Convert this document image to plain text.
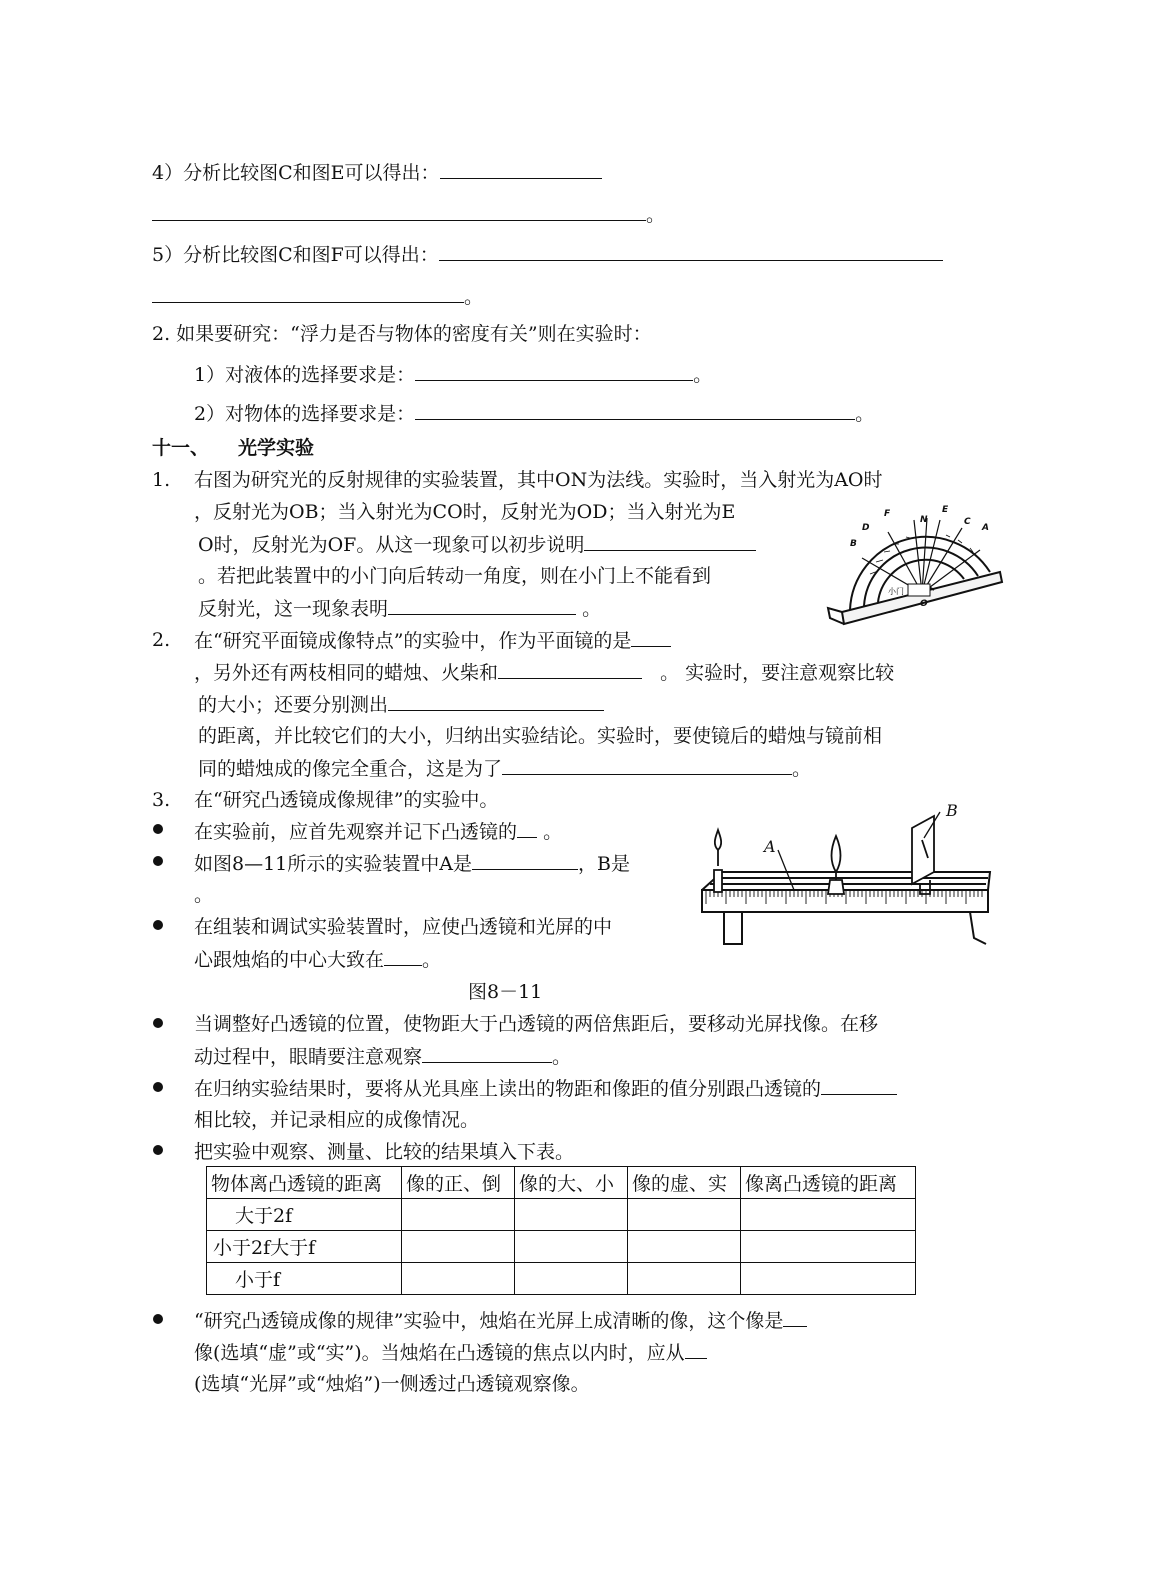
4）分析比较图C和图E可以得出：
。
5）分析比较图C和图F可以得出：
。
2. 如果要研究：“浮力是否与物体的密度有关”则在实验时：
1）对液体的选择要求是：	。
2）对物体的选择要求是：	。
十一、 光学实验
1. 右图为研究光的反射规律的实验装置，其中ON为法线。实验时，当入射光为AO时
，反射光为OB；当入射光为CO时，反射光为OD；当入射光为E
O时，反射光为OF。从这一现象可以初步说明
。若把此装置中的小门向后转动一角度，则在小门上不能看到
反射光，这一现象表明	。
F	E
N	C
A
D
B
O
小门
2. 在“研究平面镜成像特点”的实验中，作为平面镜的是
，另外还有两枝相同的蜡烛、火柴和	。 实验时，要注意观察比较
的大小；还要分别测出
的距离，并比较它们的大小，归纳出实验结论。实验时，要使镜后的蜡烛与镜前相
同的蜡烛成的像完全重合，这是为了	。
3. 在“研究凸透镜成像规律”的实验中。
在实验前，应首先观察并记下凸透镜的 。
如图8—11所示的实验装置中A是	，B是
。
在组装和调试实验装置时，应使凸透镜和光屏的中
心跟烛焰的中心大致在 。
A
B
图8－11
当调整好凸透镜的位置，使物距大于凸透镜的两倍焦距后，要移动光屏找像。在移
动过程中，眼睛要注意观察	。
在归纳实验结果时，要将从光具座上读出的物距和像距的值分别跟凸透镜的
相比较，并记录相应的成像情况。
把实验中观察、测量、比较的结果填入下表。
物体离凸透镜的距离	像的正、倒	像的大、小	像的虚、实	像离凸透镜的距离
大于2f				
小于2f大于f				
小于f				
“研究凸透镜成像的规律”实验中，烛焰在光屏上成清晰的像，这个像是
像(选填“虚”或“实”)。当烛焰在凸透镜的焦点以内时，应从
(选填“光屏”或“烛焰”)一侧透过凸透镜观察像。
